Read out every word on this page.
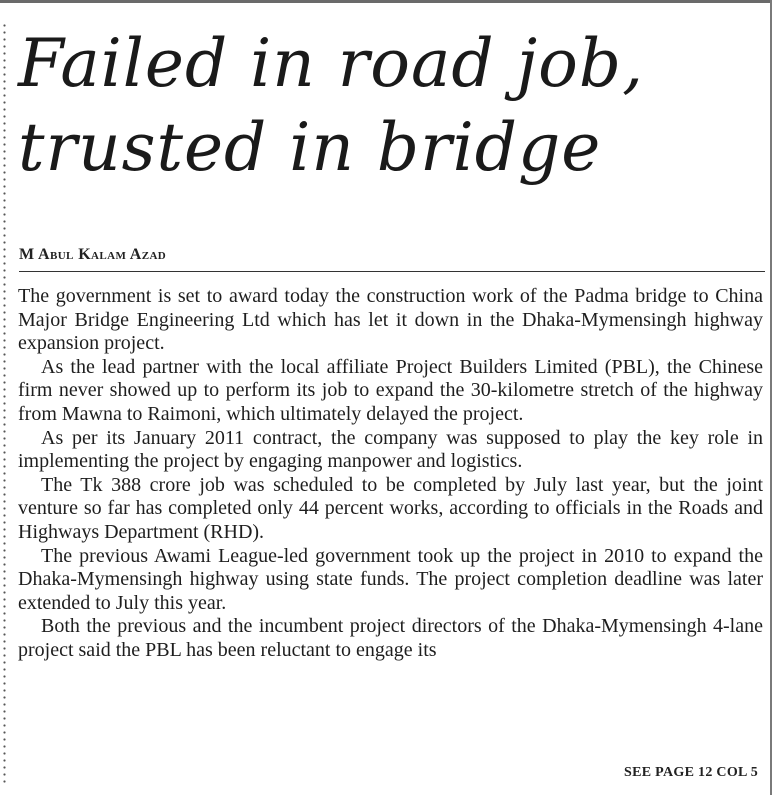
Failed in road job,
trusted in bridge
M Abul Kalam Azad

The government is set to award today the construction work of the Padma bridge to China Major Bridge Engineering Ltd which has let it down in the Dhaka-Mymensingh highway expansion project.

As the lead partner with the local affiliate Project Builders Limited (PBL), the Chinese firm never showed up to perform its job to expand the 30-kilometre stretch of the highway from Mawna to Raimoni, which ultimately delayed the project.

As per its January 2011 contract, the company was supposed to play the key role in implementing the project by engaging manpower and logistics.

The Tk 388 crore job was scheduled to be completed by July last year, but the joint venture so far has completed only 44 percent works, according to officials in the Roads and Highways Department (RHD).

The previous Awami League-led government took up the project in 2010 to expand the Dhaka-Mymensingh highway using state funds. The project completion deadline was later extended to July this year.

Both the previous and the incumbent project directors of the Dhaka-Mymensingh 4-lane project said the PBL has been reluctant to engage its

SEE PAGE 12 COL 5
